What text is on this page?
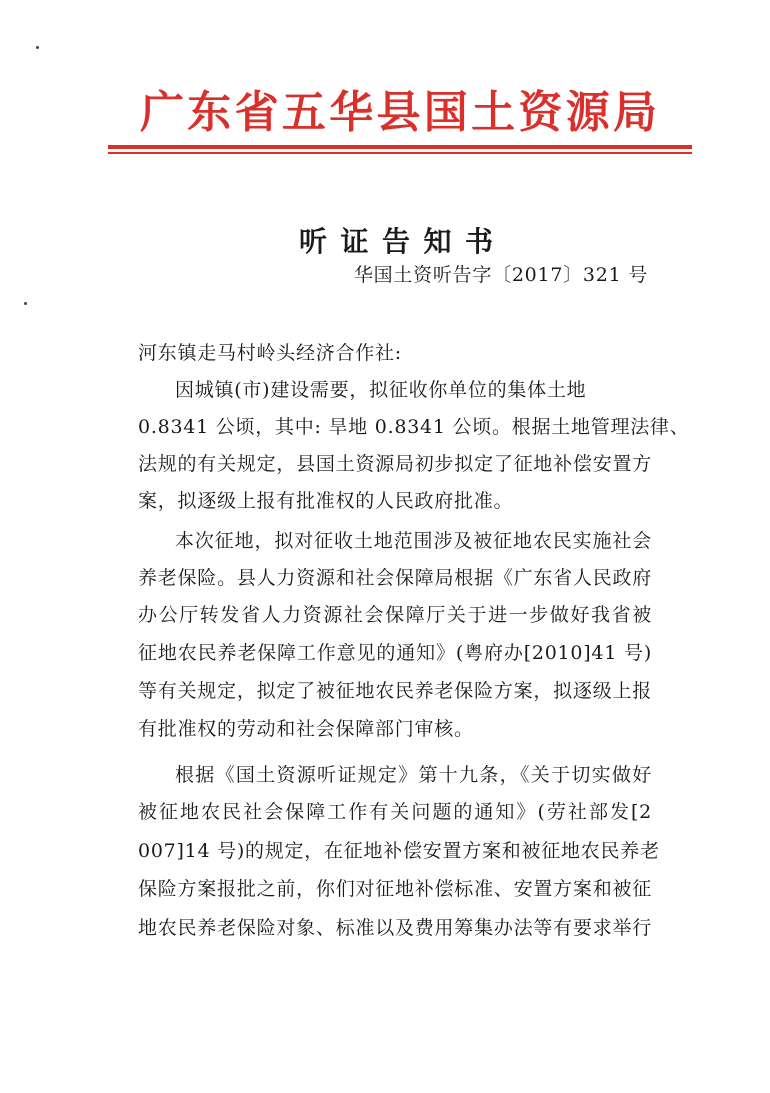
广东省五华县国土资源局
听证告知书
华国土资听告字〔2017〕321 号
河东镇走马村岭头经济合作社:
因城镇(市)建设需要，拟征收你单位的集体土地
0.8341 公顷，其中: 旱地 0.8341 公顷。根据土地管理法律、
法规的有关规定，县国土资源局初步拟定了征地补偿安置方
案，拟逐级上报有批准权的人民政府批准。
本次征地，拟对征收土地范围涉及被征地农民实施社会
养老保险。县人力资源和社会保障局根据《广东省人民政府
办公厅转发省人力资源社会保障厅关于进一步做好我省被
征地农民养老保障工作意见的通知》(粤府办[2010]41 号)
等有关规定，拟定了被征地农民养老保险方案，拟逐级上报
有批准权的劳动和社会保障部门审核。
根据《国土资源听证规定》第十九条，《关于切实做好
被征地农民社会保障工作有关问题的通知》(劳社部发[2
007]14 号)的规定，在征地补偿安置方案和被征地农民养老
保险方案报批之前，你们对征地补偿标准、安置方案和被征
地农民养老保险对象、标准以及费用筹集办法等有要求举行
